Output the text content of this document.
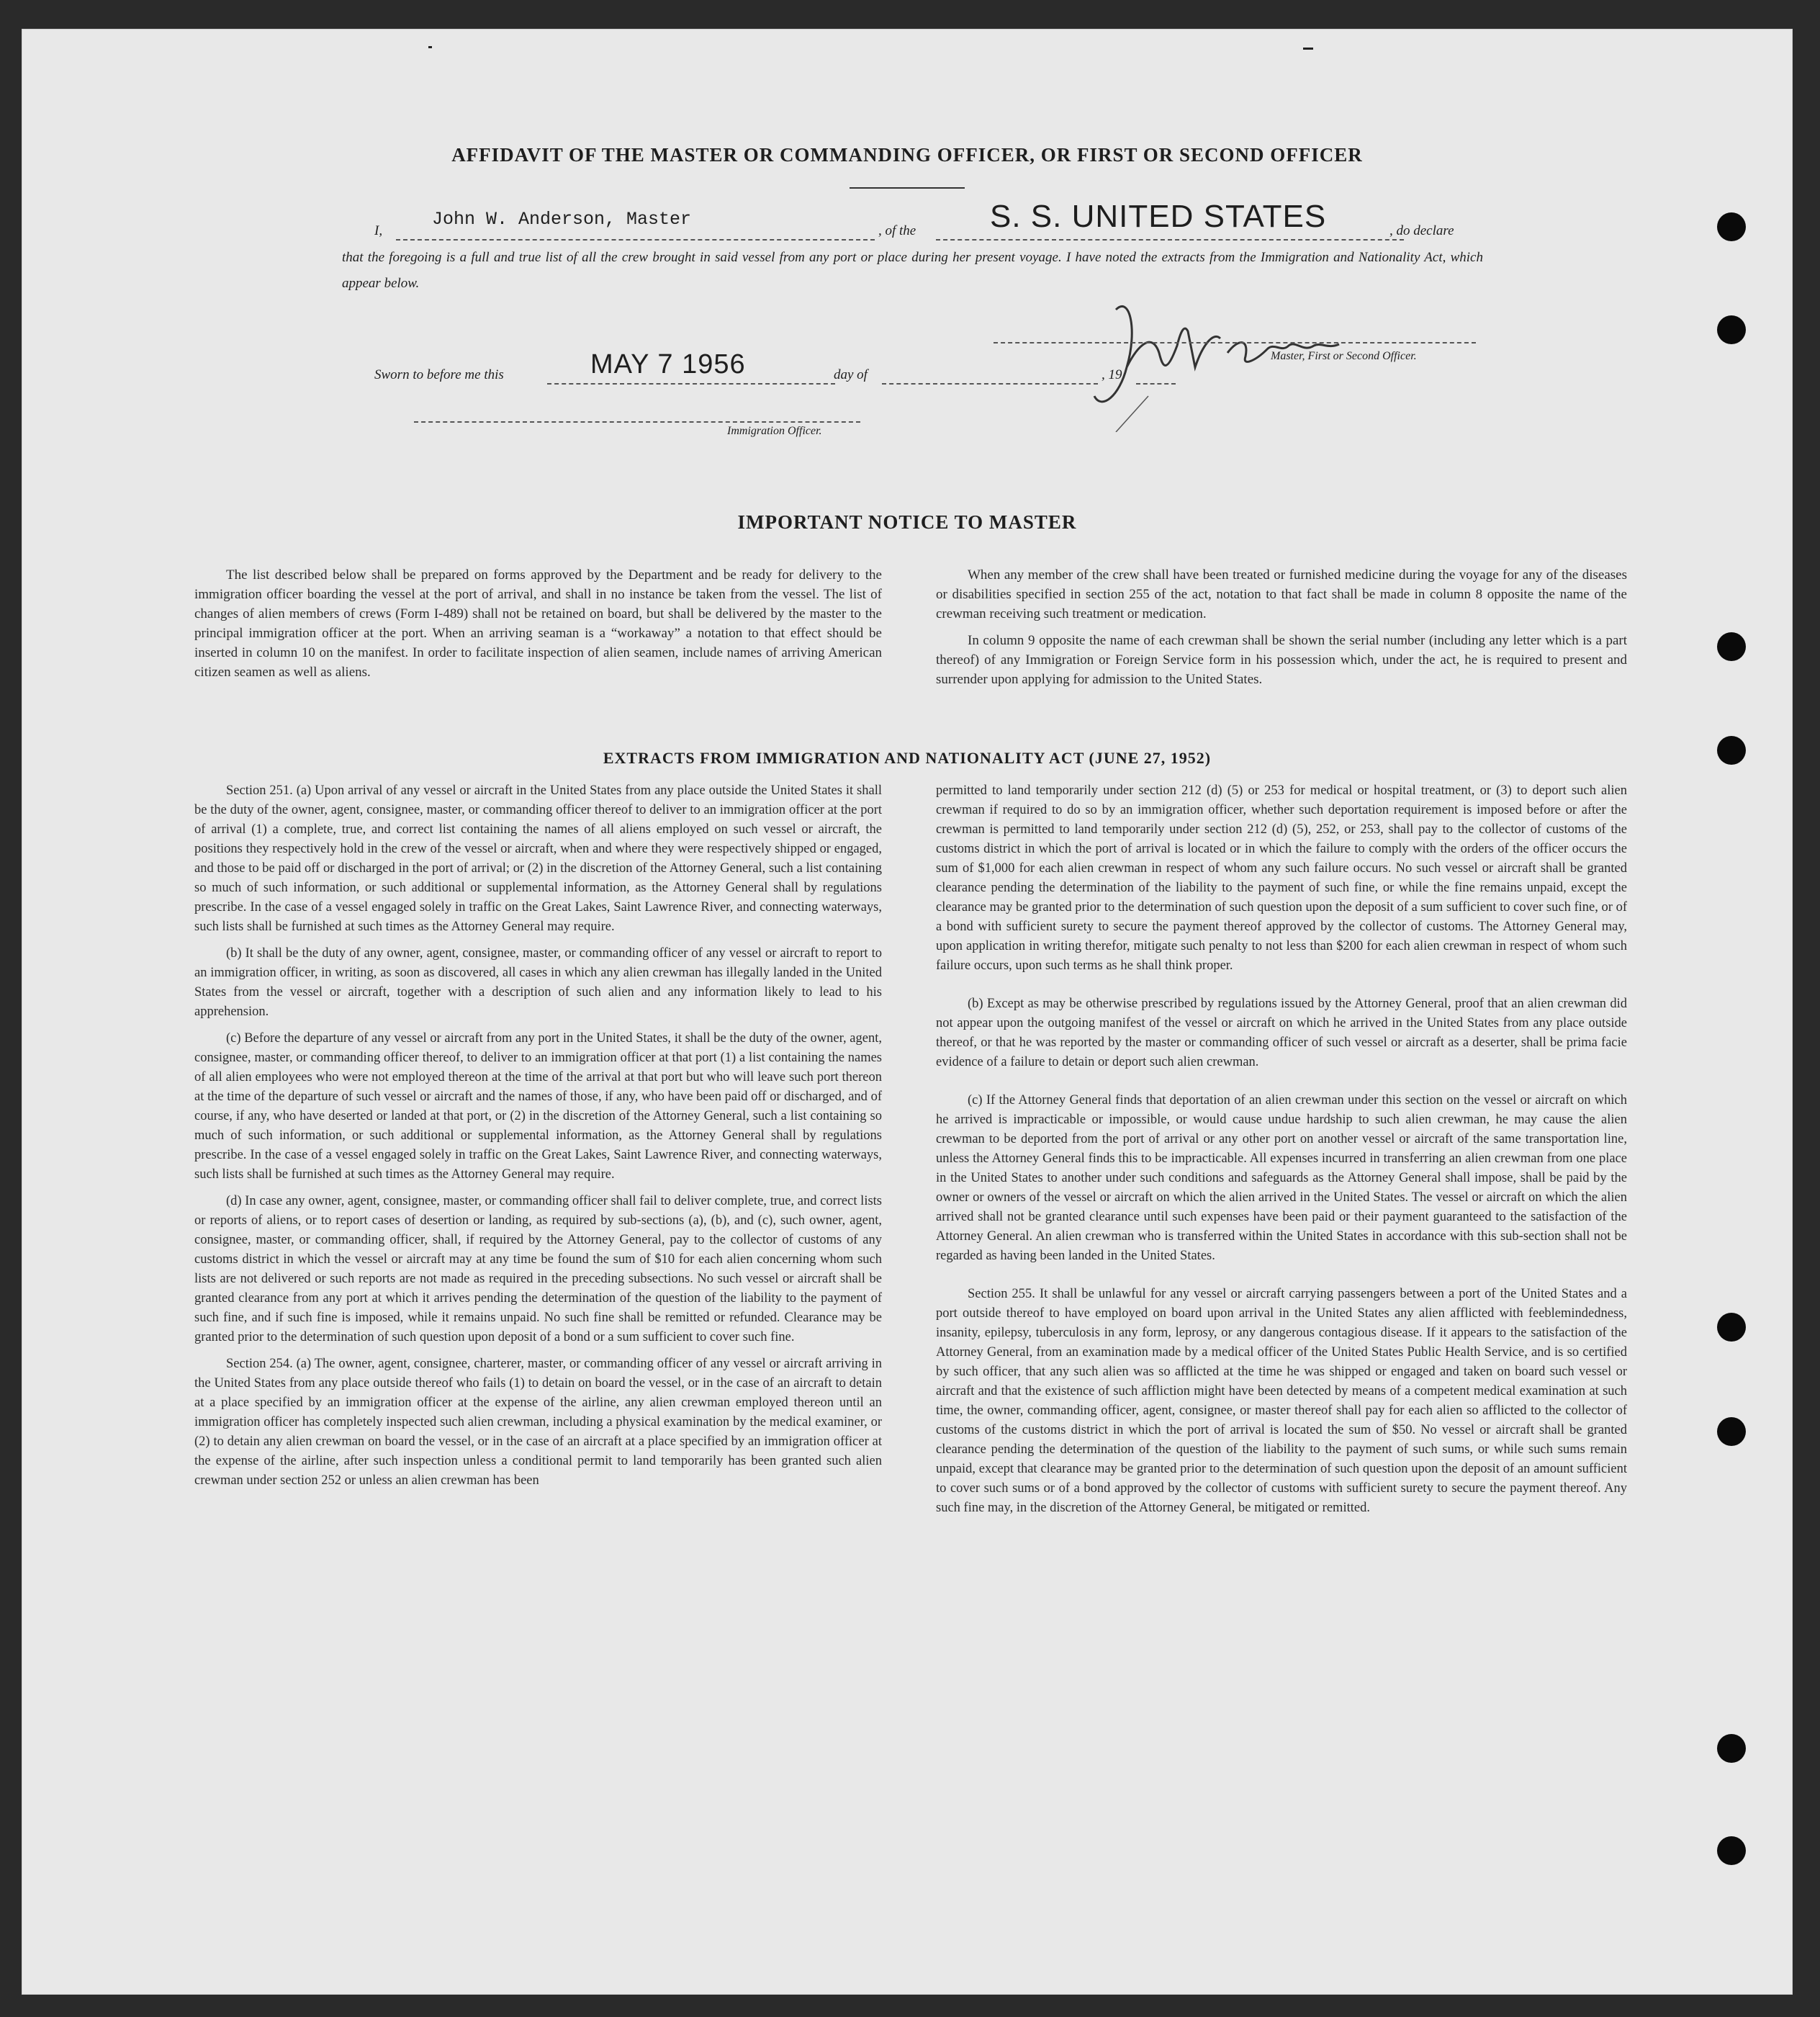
AFFIDAVIT OF THE MASTER OR COMMANDING OFFICER, OR FIRST OR SECOND OFFICER
I,
John W. Anderson, Master
, of the S. S. UNITED STATES	, do declare
that the foregoing is a full and true list of all the crew brought in said vessel from any port or place during her present voyage. I have noted the extracts from the Immigration and Nationality Act, which appear below.
Master, First or Second Officer.
Sworn to before me this	MAY 7 1956	day of	, 19
Immigration Officer.
IMPORTANT NOTICE TO MASTER

The list described below shall be prepared on forms approved by the Department and be ready for delivery to the immigration officer boarding the vessel at the port of arrival, and shall in no instance be taken from the vessel. The list of changes of alien members of crews (Form I-489) shall not be retained on board, but shall be delivered by the master to the principal immigration officer at the port. When an arriving seaman is a “workaway” a notation to that effect should be inserted in column 10 on the manifest. In order to facilitate inspection of alien seamen, include names of arriving American citizen seamen as well as aliens.

When any member of the crew shall have been treated or furnished medicine during the voyage for any of the diseases or disabilities specified in section 255 of the act, notation to that fact shall be made in column 8 opposite the name of the crewman receiving such treatment or medication.

In column 9 opposite the name of each crewman shall be shown the serial number (including any letter which is a part thereof) of any Immigration or Foreign Service form in his possession which, under the act, he is required to present and surrender upon applying for admission to the United States.

EXTRACTS FROM IMMIGRATION AND NATIONALITY ACT (JUNE 27, 1952)

Section 251. (a) Upon arrival of any vessel or aircraft in the United States from any place outside the United States it shall be the duty of the owner, agent, consignee, master, or commanding officer thereof to deliver to an immigration officer at the port of arrival (1) a complete, true, and correct list containing the names of all aliens employed on such vessel or aircraft, the positions they respectively hold in the crew of the vessel or aircraft, when and where they were respectively shipped or engaged, and those to be paid off or discharged in the port of arrival; or (2) in the discretion of the Attorney General, such a list containing so much of such information, or such additional or supplemental information, as the Attorney General shall by regulations prescribe. In the case of a vessel engaged solely in traffic on the Great Lakes, Saint Lawrence River, and connecting waterways, such lists shall be furnished at such times as the Attorney General may require.

(b) It shall be the duty of any owner, agent, consignee, master, or commanding officer of any vessel or aircraft to report to an immigration officer, in writing, as soon as discovered, all cases in which any alien crewman has illegally landed in the United States from the vessel or aircraft, together with a description of such alien and any information likely to lead to his apprehension.

(c) Before the departure of any vessel or aircraft from any port in the United States, it shall be the duty of the owner, agent, consignee, master, or commanding officer thereof, to deliver to an immigration officer at that port (1) a list containing the names of all alien employees who were not employed thereon at the time of the arrival at that port but who will leave such port thereon at the time of the departure of such vessel or aircraft and the names of those, if any, who have been paid off or discharged, and of course, if any, who have deserted or landed at that port, or (2) in the discretion of the Attorney General, such a list containing so much of such information, or such additional or supplemental information, as the Attorney General shall by regulations prescribe. In the case of a vessel engaged solely in traffic on the Great Lakes, Saint Lawrence River, and connecting waterways, such lists shall be furnished at such times as the Attorney General may require.

(d) In case any owner, agent, consignee, master, or commanding officer shall fail to deliver complete, true, and correct lists or reports of aliens, or to report cases of desertion or landing, as required by sub-sections (a), (b), and (c), such owner, agent, consignee, master, or commanding officer, shall, if required by the Attorney General, pay to the collector of customs of any customs district in which the vessel or aircraft may at any time be found the sum of $10 for each alien concerning whom such lists are not delivered or such reports are not made as required in the preceding subsections. No such vessel or aircraft shall be granted clearance from any port at which it arrives pending the determination of the question of the liability to the payment of such fine, and if such fine is imposed, while it remains unpaid. No such fine shall be remitted or refunded. Clearance may be granted prior to the determination of such question upon deposit of a bond or a sum sufficient to cover such fine.

Section 254. (a) The owner, agent, consignee, charterer, master, or commanding officer of any vessel or aircraft arriving in the United States from any place outside thereof who fails (1) to detain on board the vessel, or in the case of an aircraft to detain at a place specified by an immigration officer at the expense of the airline, any alien crewman employed thereon until an immigration officer has completely inspected such alien crewman, including a physical examination by the medical examiner, or (2) to detain any alien crewman on board the vessel, or in the case of an aircraft at a place specified by an immigration officer at the expense of the airline, after such inspection unless a conditional permit to land temporarily has been granted such alien crewman under section 252 or unless an alien crewman has been

permitted to land temporarily under section 212 (d) (5) or 253 for medical or hospital treatment, or (3) to deport such alien crewman if required to do so by an immigration officer, whether such deportation requirement is imposed before or after the crewman is permitted to land temporarily under section 212 (d) (5), 252, or 253, shall pay to the collector of customs of the customs district in which the port of arrival is located or in which the failure to comply with the orders of the officer occurs the sum of $1,000 for each alien crewman in respect of whom any such failure occurs. No such vessel or aircraft shall be granted clearance pending the determination of the liability to the payment of such fine, or while the fine remains unpaid, except the clearance may be granted prior to the determination of such question upon the deposit of a sum sufficient to cover such fine, or of a bond with sufficient surety to secure the payment thereof approved by the collector of customs. The Attorney General may, upon application in writing therefor, mitigate such penalty to not less than $200 for each alien crewman in respect of whom such failure occurs, upon such terms as he shall think proper.

(b) Except as may be otherwise prescribed by regulations issued by the Attorney General, proof that an alien crewman did not appear upon the outgoing manifest of the vessel or aircraft on which he arrived in the United States from any place outside thereof, or that he was reported by the master or commanding officer of such vessel or aircraft as a deserter, shall be prima facie evidence of a failure to detain or deport such alien crewman.

(c) If the Attorney General finds that deportation of an alien crewman under this section on the vessel or aircraft on which he arrived is impracticable or impossible, or would cause undue hardship to such alien crewman, he may cause the alien crewman to be deported from the port of arrival or any other port on another vessel or aircraft of the same transportation line, unless the Attorney General finds this to be impracticable. All expenses incurred in transferring an alien crewman from one place in the United States to another under such conditions and safeguards as the Attorney General shall impose, shall be paid by the owner or owners of the vessel or aircraft on which the alien arrived in the United States. The vessel or aircraft on which the alien arrived shall not be granted clearance until such expenses have been paid or their payment guaranteed to the satisfaction of the Attorney General. An alien crewman who is transferred within the United States in accordance with this sub-section shall not be regarded as having been landed in the United States.

Section 255. It shall be unlawful for any vessel or aircraft carrying passengers between a port of the United States and a port outside thereof to have employed on board upon arrival in the United States any alien afflicted with feeblemindedness, insanity, epilepsy, tuberculosis in any form, leprosy, or any dangerous contagious disease. If it appears to the satisfaction of the Attorney General, from an examination made by a medical officer of the United States Public Health Service, and is so certified by such officer, that any such alien was so afflicted at the time he was shipped or engaged and taken on board such vessel or aircraft and that the existence of such affliction might have been detected by means of a competent medical examination at such time, the owner, commanding officer, agent, consignee, or master thereof shall pay for each alien so afflicted to the collector of customs of the customs district in which the port of arrival is located the sum of $50. No vessel or aircraft shall be granted clearance pending the determination of the question of the liability to the payment of such sums, or while such sums remain unpaid, except that clearance may be granted prior to the determination of such question upon the deposit of an amount sufficient to cover such sums or of a bond approved by the collector of customs with sufficient surety to secure the payment thereof. Any such fine may, in the discretion of the Attorney General, be mitigated or remitted.
